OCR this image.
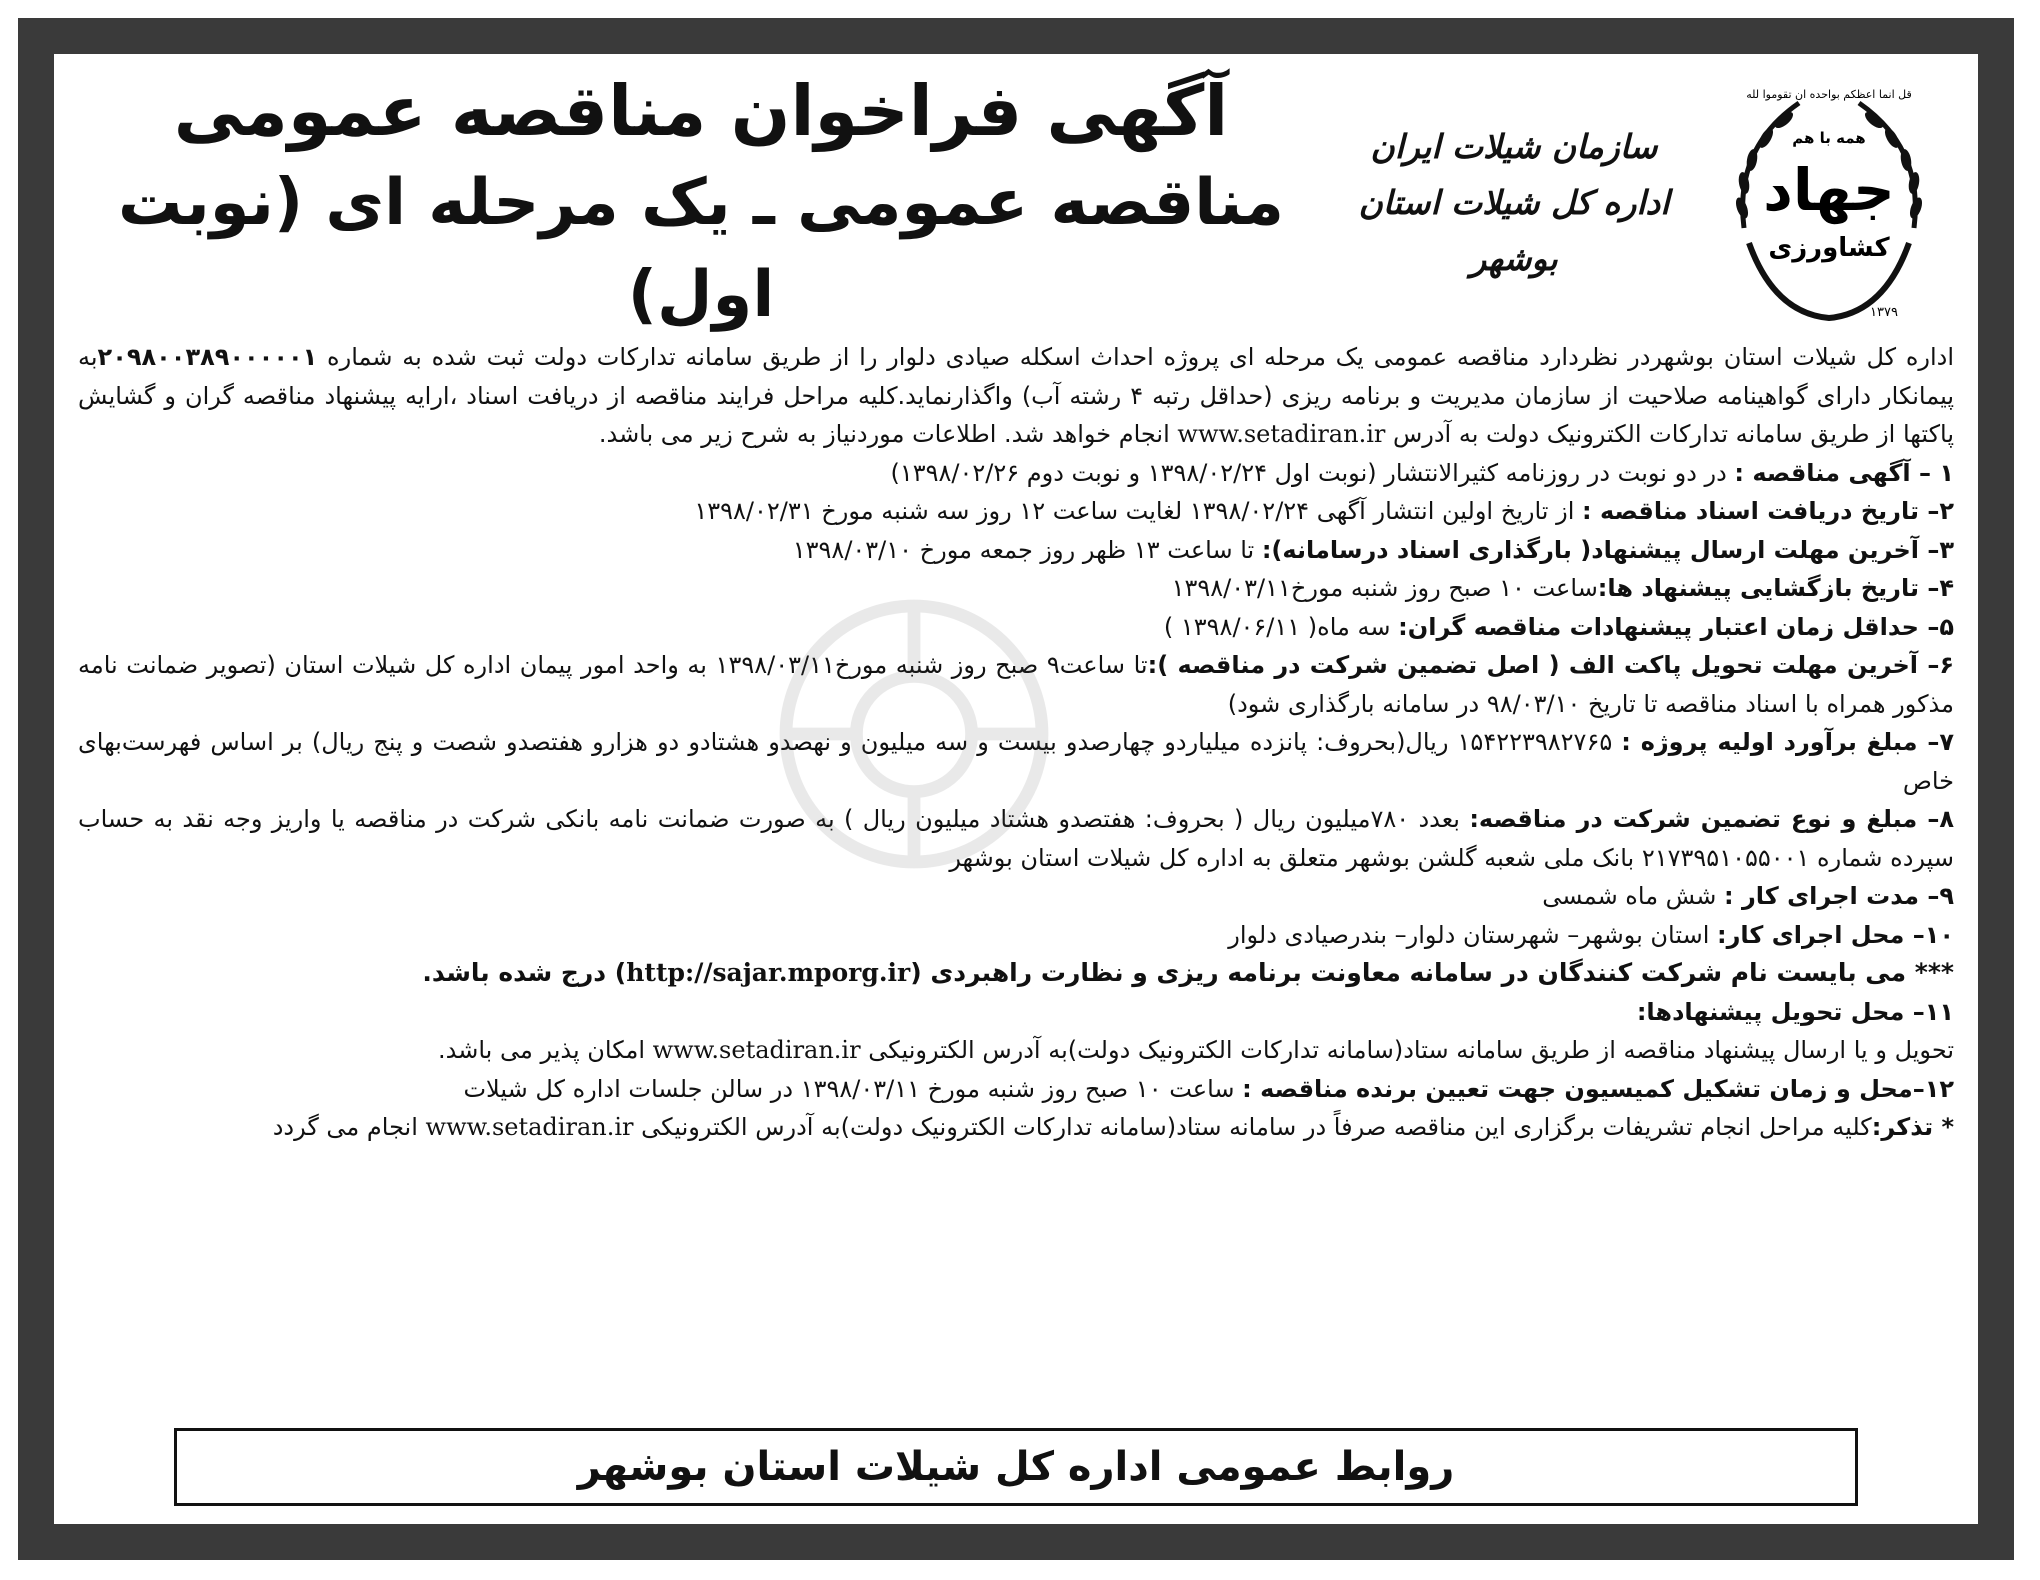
همه با هم
جهاد
کشاورزی
۱۳۷۹
قل انما اعظکم بواحده ان تقوموا لله
سازمان شیلات ایران
اداره کل شیلات استان بوشهر
آگهی فراخوان مناقصه عمومی
مناقصه عمومی ـ یک مرحله ای (نوبت اول)

اداره کل شیلات استان بوشهردر نظردارد مناقصه عمومی یک مرحله ای پروژه احداث اسکله صیادی دلوار را از طریق سامانه تدارکات دولت ثبت شده به شماره ۲۰۹۸۰۰۳۸۹۰۰۰۰۰۱به پیمانکار دارای گواهینامه صلاحیت از سازمان مدیریت و برنامه ریزی (حداقل رتبه ۴ رشته آب) واگذارنماید.کلیه مراحل فرایند مناقصه از دریافت اسناد ،ارایه پیشنهاد مناقصه گران و گشایش پاکتها از طریق سامانه تدارکات الکترونیک دولت به آدرس www.setadiran.ir انجام خواهد شد. اطلاعات موردنیاز به شرح زیر می باشد.

۱ – آگهی مناقصه : در دو نوبت در روزنامه کثیرالانتشار (نوبت اول ۱۳۹۸/۰۲/۲۴ و نوبت دوم ۱۳۹۸/۰۲/۲۶)

۲– تاریخ دریافت اسناد مناقصه : از تاریخ اولین انتشار آگهی ۱۳۹۸/۰۲/۲۴ لغایت ساعت ۱۲ روز سه شنبه مورخ ۱۳۹۸/۰۲/۳۱

۳– آخرین مهلت ارسال پیشنهاد( بارگذاری اسناد درسامانه): تا ساعت ۱۳ ظهر روز جمعه مورخ ۱۳۹۸/۰۳/۱۰

۴– تاریخ بازگشایی پیشنهاد ها:ساعت ۱۰ صبح روز شنبه مورخ۱۳۹۸/۰۳/۱۱

۵– حداقل زمان اعتبار پیشنهادات مناقصه گران: سه ماه( ۱۳۹۸/۰۶/۱۱ )

۶– آخرین مهلت تحویل پاکت الف ( اصل تضمین شرکت در مناقصه ):تا ساعت۹ صبح روز شنبه مورخ۱۳۹۸/۰۳/۱۱ به واحد امور پیمان اداره کل شیلات استان (تصویر ضمانت نامه مذکور همراه با اسناد مناقصه تا تاریخ ۹۸/۰۳/۱۰ در سامانه بارگذاری شود)

۷– مبلغ برآورد اولیه پروژه : ۱۵۴۲۲۳۹۸۲۷۶۵ ریال(بحروف: پانزده میلیاردو چهارصدو بیست و سه میلیون و نهصدو هشتادو دو هزارو هفتصدو شصت و پنج ریال) بر اساس فهرست‌بهای خاص

۸– مبلغ و نوع تضمین شرکت در مناقصه: بعدد ۷۸۰میلیون ریال ( بحروف: هفتصدو هشتاد میلیون ریال ) به صورت ضمانت نامه بانکی شرکت در مناقصه یا واریز وجه نقد به حساب سپرده شماره ۲۱۷۳۹۵۱۰۵۵۰۰۱ بانک ملی شعبه گلشن بوشهر متعلق به اداره کل شیلات استان بوشهر

۹– مدت اجرای کار : شش ماه شمسی

۱۰– محل اجرای کار: استان بوشهر– شهرستان دلوار– بندرصیادی دلوار

*** می بایست نام شرکت کنندگان در سامانه معاونت برنامه ریزی و نظارت راهبردی (http://sajar.mporg.ir) درج شده باشد.

۱۱– محل تحویل پیشنهادها:

تحویل و یا ارسال پیشنهاد مناقصه از طریق سامانه ستاد(سامانه تدارکات الکترونیک دولت)به آدرس الکترونیکی www.setadiran.ir امکان پذیر می باشد.

۱۲–محل و زمان تشکیل کمیسیون جهت تعیین برنده مناقصه : ساعت ۱۰ صبح روز شنبه مورخ ۱۳۹۸/۰۳/۱۱ در سالن جلسات اداره کل شیلات

* تذکر:کلیه مراحل انجام تشریفات برگزاری این مناقصه صرفاً در سامانه ستاد(سامانه تدارکات الکترونیک دولت)به آدرس الکترونیکی www.setadiran.ir انجام می گردد

روابط عمومی اداره کل شیلات استان بوشهر
